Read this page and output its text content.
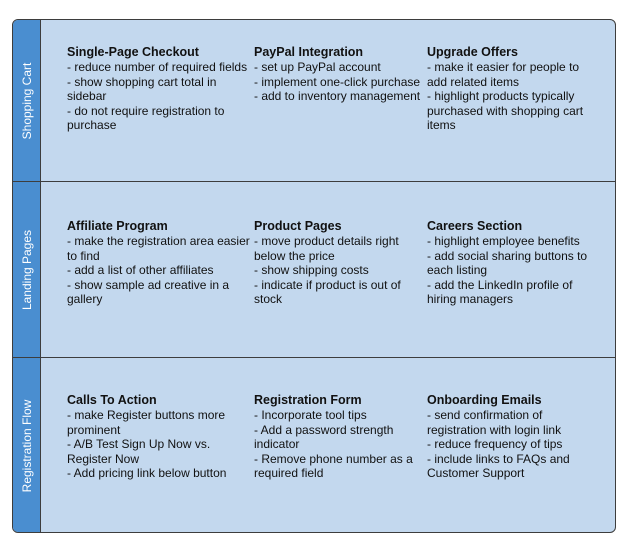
Shopping Cart

Single-Page Checkout

- reduce number of required fields
- show shopping cart total in sidebar
- do not require registration to purchase

PayPal Integration

- set up PayPal account
- implement one-click purchase
- add to inventory management

Upgrade Offers

- make it easier for people to add related items
- highlight products typically purchased with shopping cart items
Landing Pages

Affiliate Program

- make the registration area easier to find
- add a list of other affiliates
- show sample ad creative in a gallery

Product Pages

- move product details right below the price
- show shipping costs
- indicate if product is out of stock

Careers Section

- highlight employee benefits
- add social sharing buttons to each listing
- add the LinkedIn profile of hiring managers
Registration Flow	Calls To Action

- make Register buttons more prominent
- A/B Test Sign Up Now vs. Register Now
- Add pricing link below button

Registration Form

- Incorporate tool tips
- Add a password strength indicator
- Remove phone number as a required field

Onboarding Emails

- send confirmation of registration with login link
- reduce frequency of tips
- include links to FAQs and Customer Support
